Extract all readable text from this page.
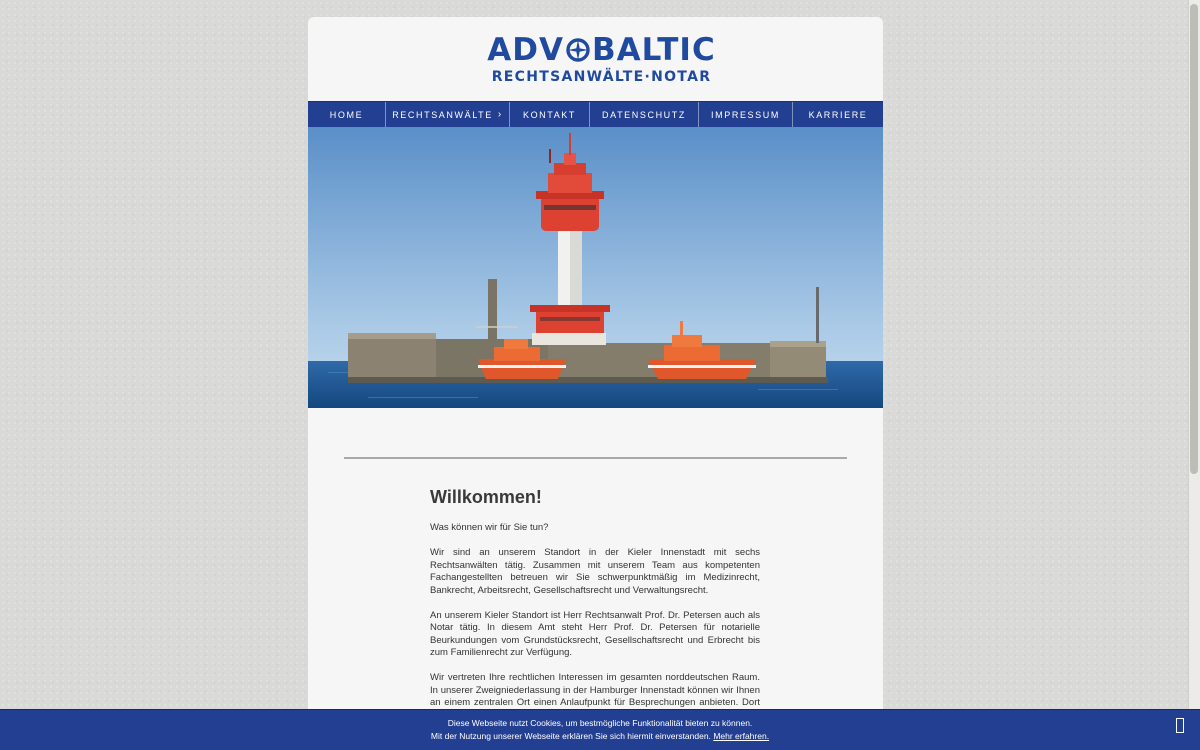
ADV BALTIC
RECHTSANWÄLTE·NOTAR
HOME	RECHTSANWÄLTE › KONTAKT	DATENSCHUTZ	IMPRESSUM	KARRIERE
Willkommen!

Was können wir für Sie tun?

Wir sind an unserem Standort in der Kieler Innenstadt mit sechs Rechtsanwälten tätig. Zusammen mit unserem Team aus kompetenten Fachangestellten betreuen wir Sie schwerpunktmäßig im Medizinrecht, Bankrecht, Arbeitsrecht, Gesellschaftsrecht und Verwaltungsrecht.

An unserem Kieler Standort ist Herr Rechtsanwalt Prof. Dr. Petersen auch als Notar tätig. In diesem Amt steht Herr Prof. Dr. Petersen für notarielle Beurkundungen vom Grundstücksrecht, Gesellschaftsrecht und Erbrecht bis zum Familienrecht zur Verfügung.

Wir vertreten Ihre rechtlichen Interessen im gesamten norddeutschen Raum. In unserer Zweigniederlassung in der Hamburger Innenstadt können wir Ihnen an einem zentralen Ort einen Anlaufpunkt für Besprechungen anbieten. Dort

Diese Webseite nutzt Cookies, um bestmögliche Funktionalität bieten zu können.
Mit der Nutzung unserer Webseite erklären Sie sich hiermit einverstanden. Mehr erfahren.
